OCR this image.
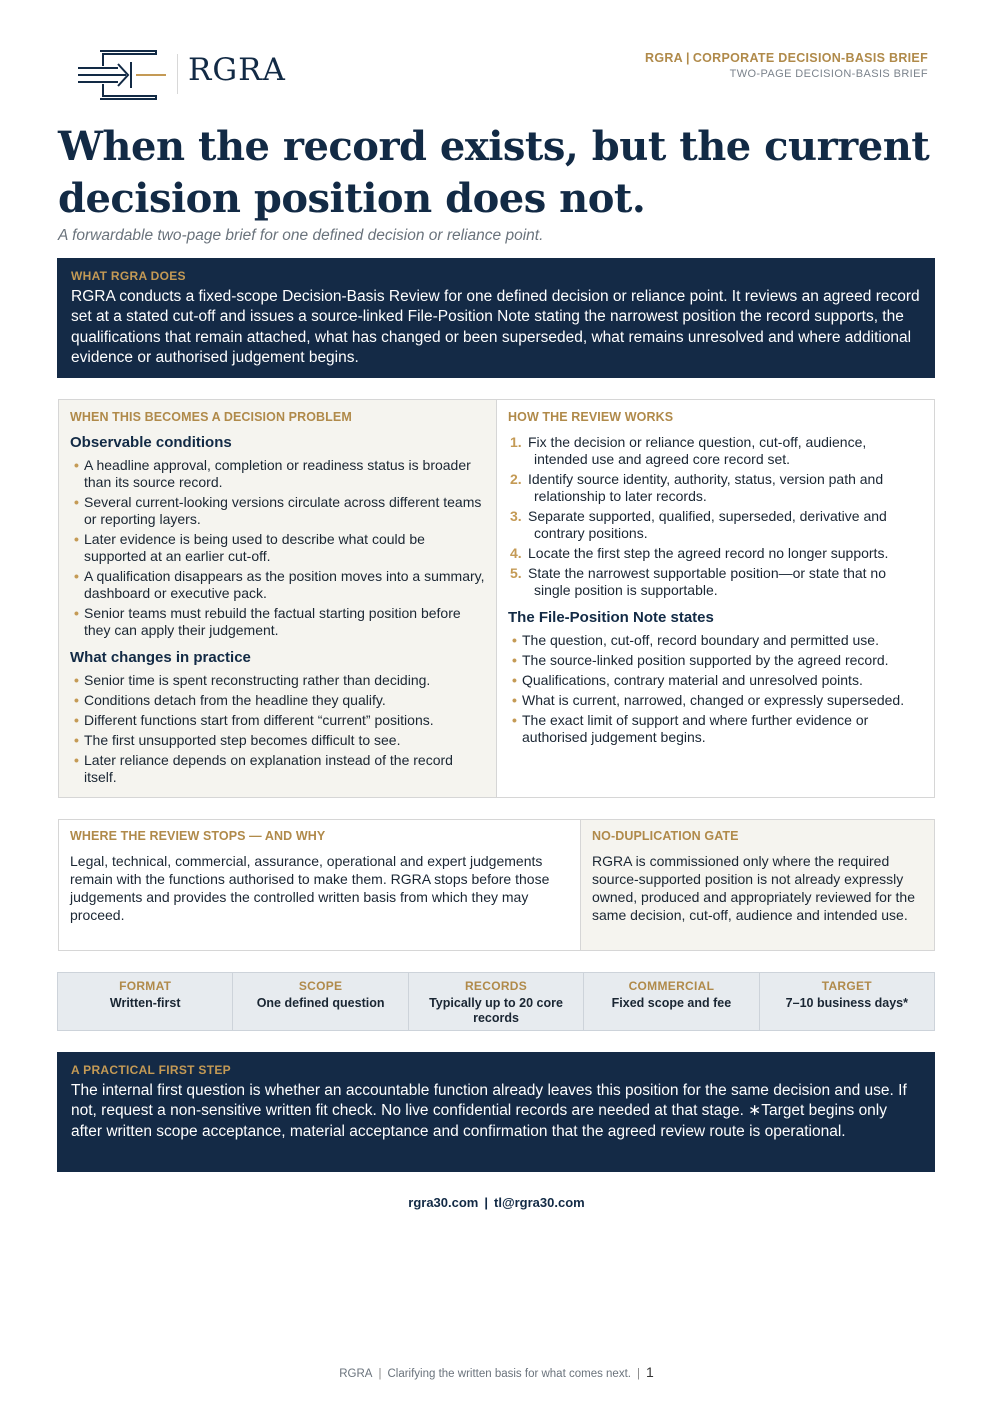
RGRA	RGRA | CORPORATE DECISION-BASIS BRIEF
TWO-PAGE DECISION-BASIS BRIEF
When the record exists, but the current decision position does not.
A forwardable two-page brief for one defined decision or reliance point.
WHAT RGRA DOES
RGRA conducts a fixed-scope Decision-Basis Review for one defined decision or reliance point. It reviews an agreed record set at a stated cut-off and issues a source-linked File-Position Note stating the narrowest position the record supports, the qualifications that remain attached, what has changed or been superseded, what remains unresolved and where additional evidence or authorised judgement begins.
WHEN THIS BECOMES A DECISION PROBLEM
Observable conditions
• A headline approval, completion or readiness status is broader than its source record.
• Several current-looking versions circulate across different teams or reporting layers.
• Later evidence is being used to describe what could be supported at an earlier cut-off.
• A qualification disappears as the position moves into a summary, dashboard or executive pack.
• Senior teams must rebuild the factual starting position before they can apply their judgement.
What changes in practice
• Senior time is spent reconstructing rather than deciding.
• Conditions detach from the headline they qualify.
• Different functions start from different “current” positions.
• The first unsupported step becomes difficult to see.
• Later reliance depends on explanation instead of the record itself.
HOW THE REVIEW WORKS
1. Fix the decision or reliance question, cut-off, audience, intended use and agreed core record set.
2. Identify source identity, authority, status, version path and relationship to later records.
3. Separate supported, qualified, superseded, derivative and contrary positions.
4. Locate the first step the agreed record no longer supports.
5. State the narrowest supportable position—or state that no single position is supportable.
The File-Position Note states
• The question, cut-off, record boundary and permitted use.
• The source-linked position supported by the agreed record.
• Qualifications, contrary material and unresolved points.
• What is current, narrowed, changed or expressly superseded.
• The exact limit of support and where further evidence or authorised judgement begins.
WHERE THE REVIEW STOPS — AND WHY

Legal, technical, commercial, assurance, operational and expert judgements remain with the functions authorised to make them. RGRA stops before those judgements and provides the controlled written basis from which they may proceed.

NO-DUPLICATION GATE

RGRA is commissioned only where the required source-supported position is not already expressly owned, produced and appropriately reviewed for the same decision, cut-off, audience and intended use.

FORMAT
Written-first
SCOPE
One defined question
RECORDS
Typically up to 20 core records
COMMERCIAL
Fixed scope and fee
TARGET
7–10 business days*
A PRACTICAL FIRST STEP
The internal first question is whether an accountable function already leaves this position for the same decision and use. If not, request a non-sensitive written fit check. No live confidential records are needed at that stage. ∗Target begins only after written scope acceptance, material acceptance and confirmation that the agreed review route is operational.
rgra30.com | tl@rgra30.com
RGRA | Clarifying the written basis for what comes next. | 1
